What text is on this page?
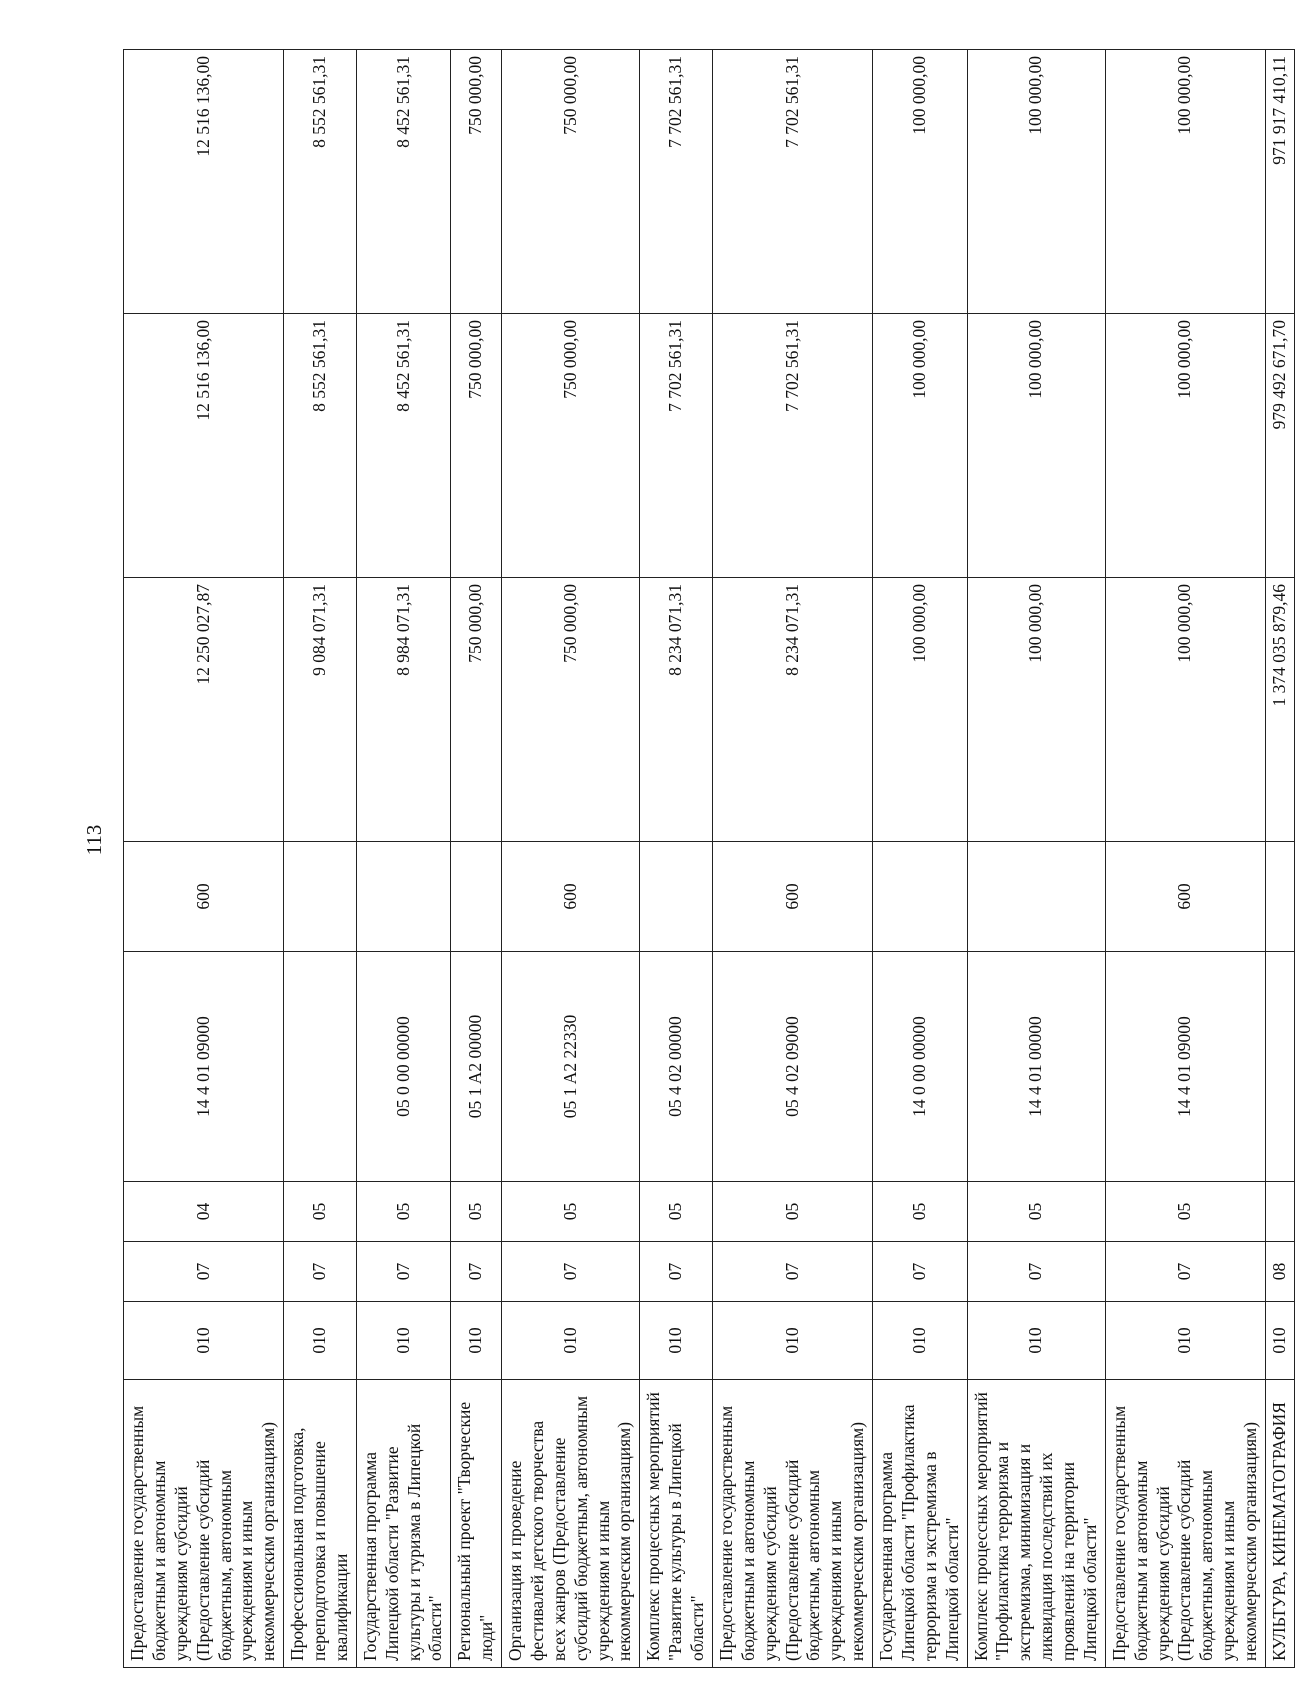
113
Предоставление государственным бюджетным и автономным учреждениям субсидий (Предоставление субсидий бюджетным, автономным учреждениям и иным некоммерческим организациям)	010	07	04	14 4 01 09000	600	12 250 027,87	12 516 136,00	12 516 136,00
Профессиональная подготовка, переподготовка и повышение квалификации	010	07	05			9 084 071,31	8 552 561,31	8 552 561,31
Государственная программа Липецкой области "Развитие культуры и туризма в Липецкой области"	010	07	05	05 0 00 00000		8 984 071,31	8 452 561,31	8 452 561,31
Региональный проект "Творческие люди"	010	07	05	05 1 A2 00000		750 000,00	750 000,00	750 000,00
Организация и проведение фестивалей детского творчества всех жанров (Предоставление субсидий бюджетным, автономным учреждениям и иным некоммерческим организациям)	010	07	05	05 1 A2 22330	600	750 000,00	750 000,00	750 000,00
Комплекс процессных мероприятий "Развитие культуры в Липецкой области"	010	07	05	05 4 02 00000		8 234 071,31	7 702 561,31	7 702 561,31
Предоставление государственным бюджетным и автономным учреждениям субсидий (Предоставление субсидий бюджетным, автономным учреждениям и иным некоммерческим организациям)	010	07	05	05 4 02 09000	600	8 234 071,31	7 702 561,31	7 702 561,31
Государственная программа Липецкой области "Профилактика терроризма и экстремизма в Липецкой области"	010	07	05	14 0 00 00000		100 000,00	100 000,00	100 000,00
Комплекс процессных мероприятий "Профилактика терроризма и экстремизма, минимизация и ликвидация последствий их проявлений на территории Липецкой области"	010	07	05	14 4 01 00000		100 000,00	100 000,00	100 000,00
Предоставление государственным бюджетным и автономным учреждениям субсидий (Предоставление субсидий бюджетным, автономным учреждениям и иным некоммерческим организациям)	010	07	05	14 4 01 09000	600	100 000,00	100 000,00	100 000,00
КУЛЬТУРА, КИНЕМАТОГРАФИЯ	010	08				1 374 035 879,46	979 492 671,70	971 917 410,11
